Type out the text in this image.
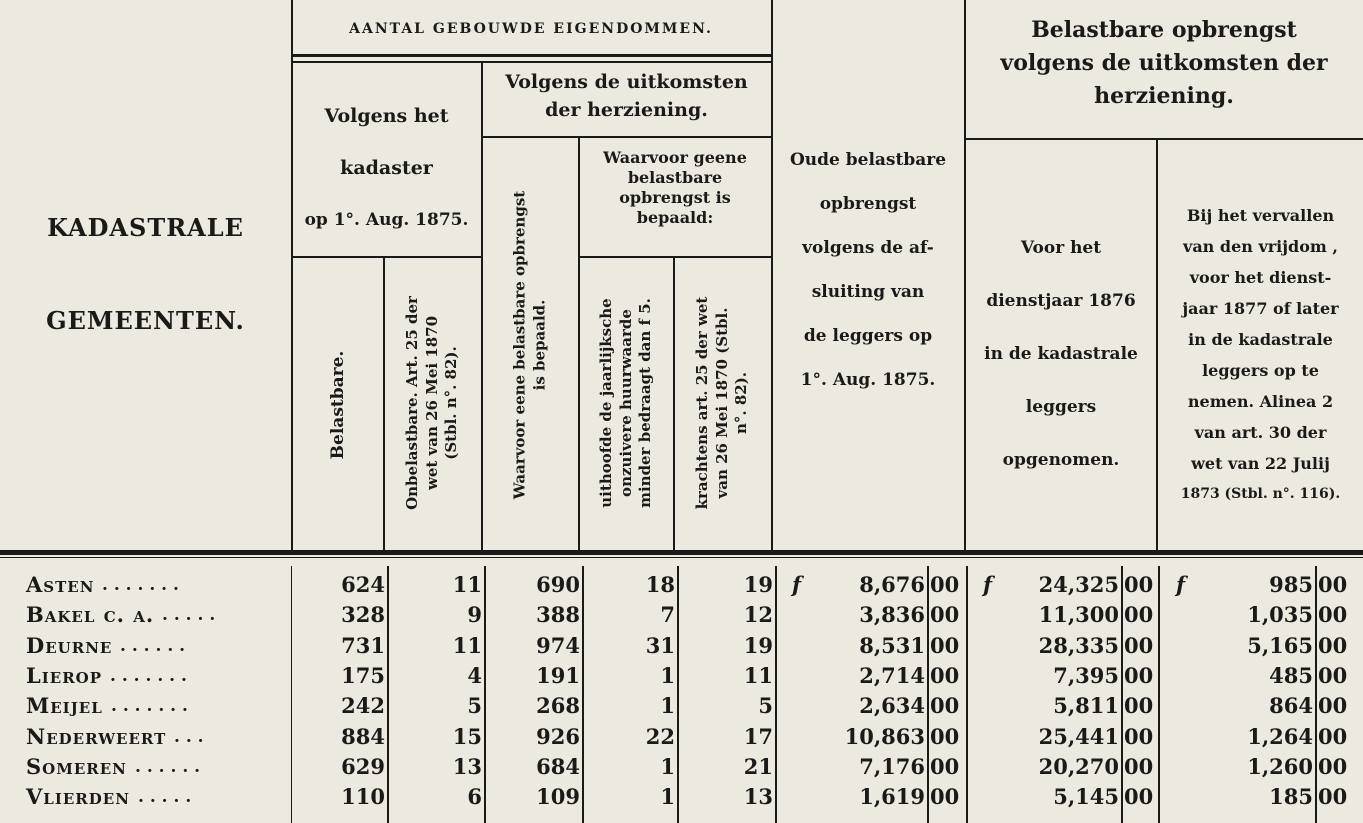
AANTAL GEBOUWDE EIGENDOMMEN.
KADASTRALE
GEMEENTEN.
Volgens het
kadaster
op 1°. Aug. 1875.
Volgens de uitkomsten
der herziening.
Waarvoor geene
belastbare
opbrengst is
bepaald:
Belastbare.	Onbelastbare. Art. 25 der wet van 26 Mei 1870 (Stbl. n°. 82).	Waarvoor eene belastbare opbrengst is bepaald.	uithoofde de jaarlijksche onzuivere huurwaarde minder bedraagt dan f 5.	krachtens art. 25 der wet van 26 Mei 1870 (Stbl. n°. 82).
Oude belastbare
opbrengst
volgens de af-
sluiting van
de leggers op
1°. Aug. 1875.
Belastbare opbrengst
volgens de uitkomsten der
herziening.
Voor het
dienstjaar 1876
in de kadastrale
leggers
opgenomen.
Bij het vervallen
van den vrijdom ,
voor het dienst-
jaar 1877 of later
in de kadastrale
leggers op te
nemen. Alinea 2
van art. 30 der
wet van 22 Julij
1873 (Stbl. n°. 116).
f	f	f
Asten . . . . . . .	624	11	690	18	19	8,676 00	24,325 00	985 00
Bakel c. a. . . . . .	328	9	388	7	12	3,836 00	11,300 00	1,035 00
Deurne . . . . . .	731	11	974	31	19	8,531 00	28,335 00	5,165 00
Lierop . . . . . . .	175	4	191	1	11	2,714 00	7,395 00	485 00
Meijel . . . . . . .	242	5	268	1	5	2,634 00	5,811 00	864 00
Nederweert . . .	884	15	926	22	17	10,863 00	25,441 00	1,264 00
Someren . . . . . .	629	13	684	1	21	7,176 00	20,270 00	1,260 00
Vlierden . . . . .	110	6	109	1	13	1,619 00	5,145 00	185 00
